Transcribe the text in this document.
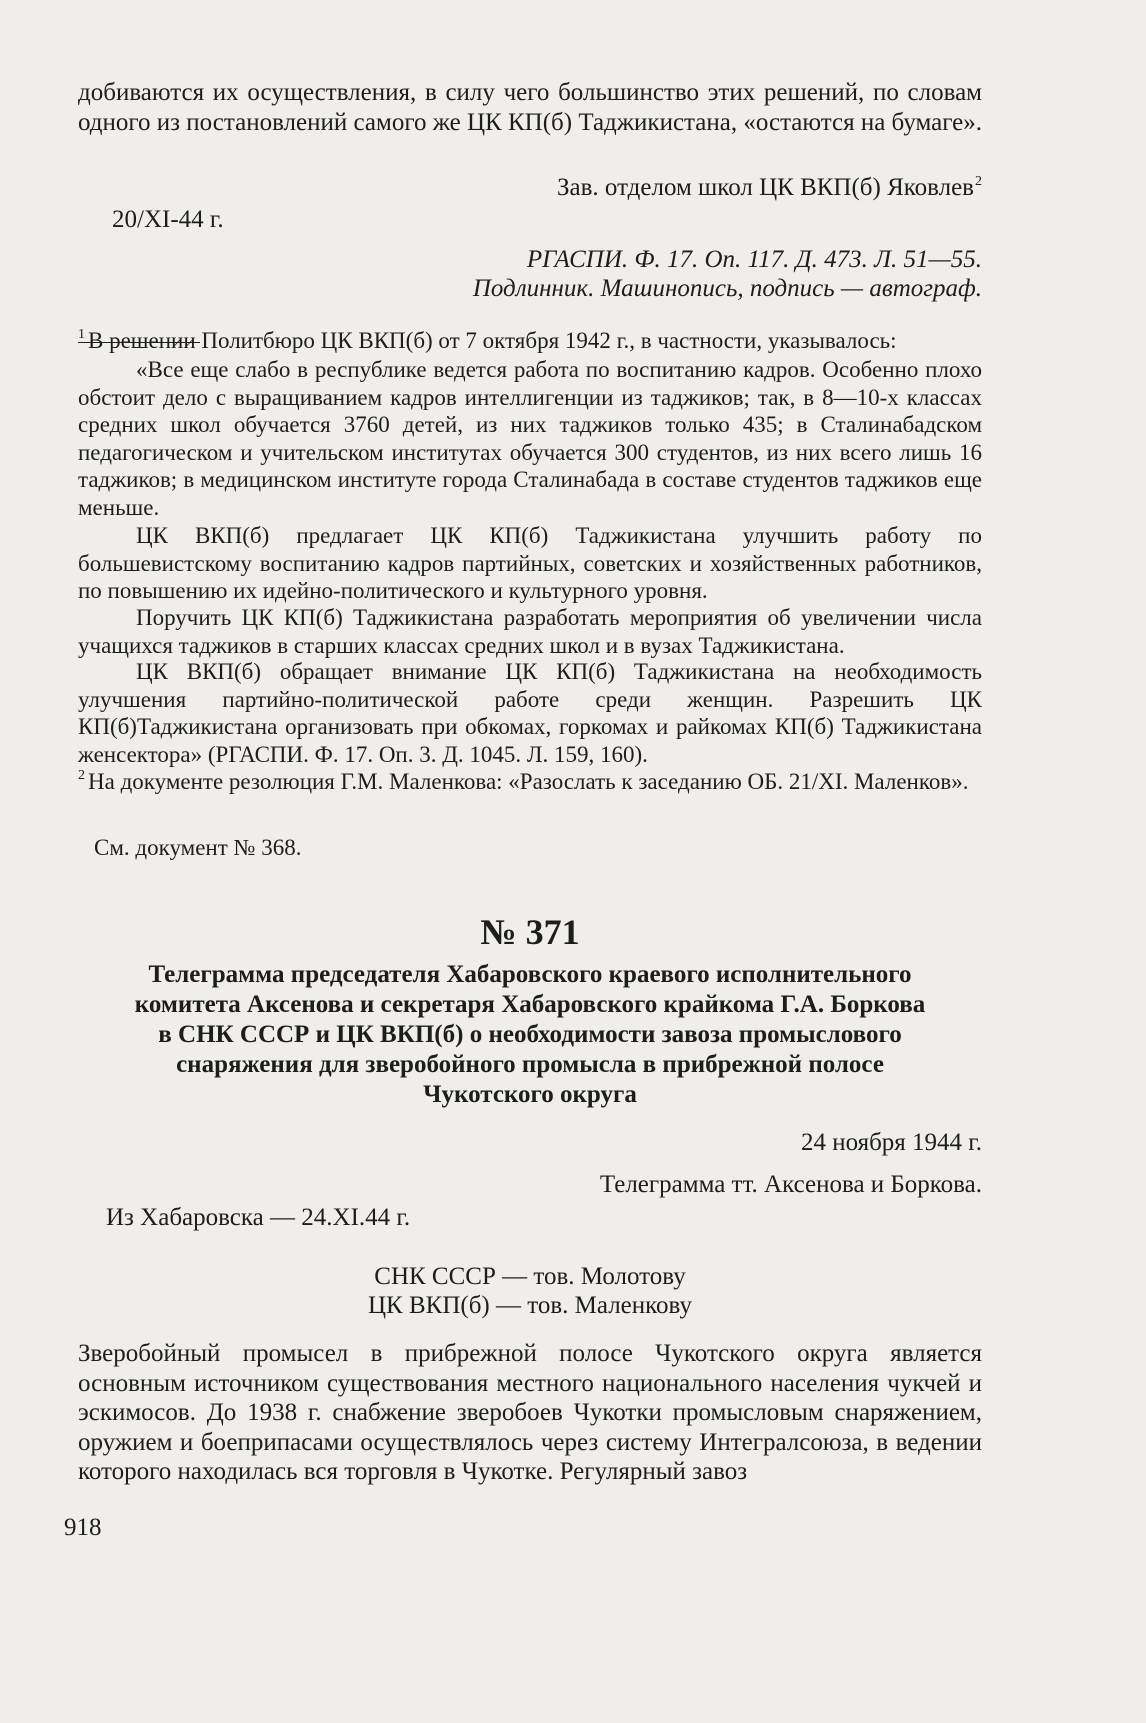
добиваются их осуществления, в силу чего большинство этих решений, по словам одного из постановлений самого же ЦК КП(б) Таджикистана, «остаются на бумаге».

Зав. отделом школ ЦК ВКП(б) Яковлев$^2$

20/XI-44 г.

РГАСПИ. Ф. 17. Оп. 117. Д. 473. Л. 51—55.

Подлинник. Машинопись, подпись — автограф.

$^1$ В решении Политбюро ЦК ВКП(б) от 7 октября 1942 г., в частности, указывалось:

«Все еще слабо в республике ведется работа по воспитанию кадров. Особенно плохо обстоит дело с выращиванием кадров интеллигенции из таджиков; так, в 8—10-х классах средних школ обучается 3760 детей, из них таджиков только 435; в Сталинабадском педагогическом и учительском институтах обучается 300 студентов, из них всего лишь 16 таджиков; в медицинском институте города Сталинабада в составе студентов таджиков еще меньше.

ЦК ВКП(б) предлагает ЦК КП(б) Таджикистана улучшить работу по большевистскому воспитанию кадров партийных, советских и хозяйственных работников, по повышению их идейно-политического и культурного уровня.

Поручить ЦК КП(б) Таджикистана разработать мероприятия об увеличении числа учащихся таджиков в старших классах средних школ и в вузах Таджикистана.

ЦК ВКП(б) обращает внимание ЦК КП(б) Таджикистана на необходимость улучшения партийно-политической работе среди женщин. Разрешить ЦК КП(б)Таджикистана организовать при обкомах, горкомах и райкомах КП(б) Таджикистана женсектора» (РГАСПИ. Ф. 17. Оп. 3. Д. 1045. Л. 159, 160).

$^2$ На документе резолюция Г.М. Маленкова: «Разослать к заседанию ОБ. 21/XI. Маленков».

См. документ № 368.

№ 371

Телеграмма председателя Хабаровского краевого исполнительного
комитета Аксенова и секретаря Хабаровского крайкома Г.А. Боркова
в СНК СССР и ЦК ВКП(б) о необходимости завоза промыслового
снаряжения для зверобойного промысла в прибрежной полосе
Чукотского округа

24 ноября 1944 г.

Телеграмма тт. Аксенова и Боркова.

Из Хабаровска — 24.XI.44 г.

СНК СССР — тов. Молотову

ЦК ВКП(б) — тов. Маленкову

Зверобойный промысел в прибрежной полосе Чукотского округа является основным источником существования местного национального населения чукчей и эскимосов. До 1938 г. снабжение зверобоев Чукотки промысловым снаряжением, оружием и боеприпасами осуществлялось через систему Интегралсоюза, в ведении которого находилась вся торговля в Чукотке. Регулярный завоз

918
